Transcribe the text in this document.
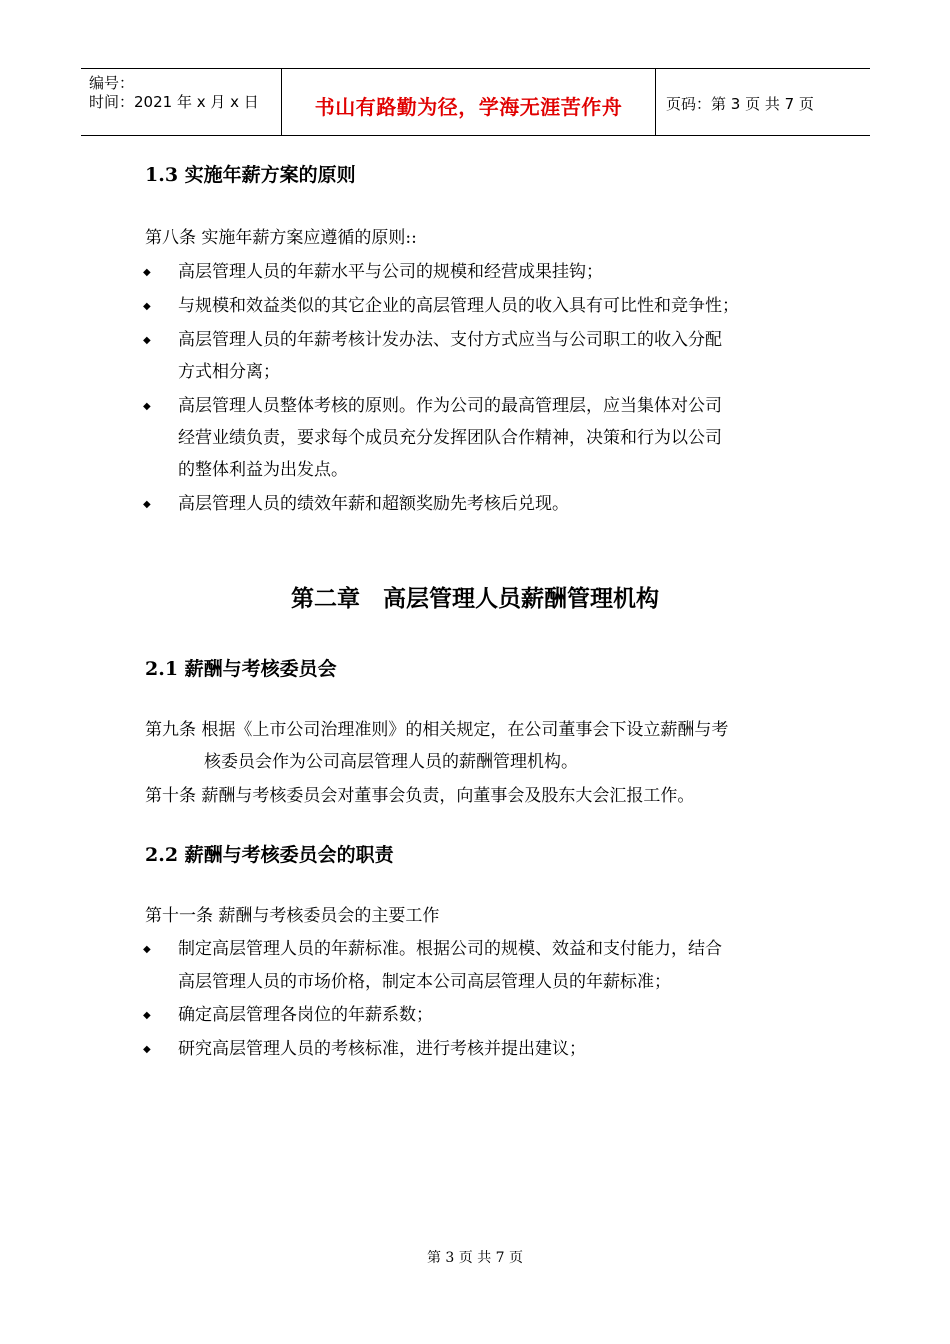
编号：
时间：2021 年 x 月 x 日	书山有路勤为径，学海无涯苦作舟	页码：第 3 页 共 7 页
1.3 实施年薪方案的原则
第八条 实施年薪方案应遵循的原则::
◆ 高层管理人员的年薪水平与公司的规模和经营成果挂钩；
◆ 与规模和效益类似的其它企业的高层管理人员的收入具有可比性和竞争性；
◆ 高层管理人员的年薪考核计发办法、支付方式应当与公司职工的收入分配
方式相分离；
◆ 高层管理人员整体考核的原则。作为公司的最高管理层，应当集体对公司
经营业绩负责，要求每个成员充分发挥团队合作精神，决策和行为以公司
的整体利益为出发点。
◆ 高层管理人员的绩效年薪和超额奖励先考核后兑现。
第二章　高层管理人员薪酬管理机构
2.1 薪酬与考核委员会
第九条 根据《上市公司治理准则》的相关规定，在公司董事会下设立薪酬与考
核委员会作为公司高层管理人员的薪酬管理机构。
第十条 薪酬与考核委员会对董事会负责，向董事会及股东大会汇报工作。
2.2 薪酬与考核委员会的职责
第十一条 薪酬与考核委员会的主要工作
◆ 制定高层管理人员的年薪标准。根据公司的规模、效益和支付能力，结合
高层管理人员的市场价格，制定本公司高层管理人员的年薪标准；
◆ 确定高层管理各岗位的年薪系数；
◆ 研究高层管理人员的考核标准，进行考核并提出建议；
第 3 页 共 7 页
